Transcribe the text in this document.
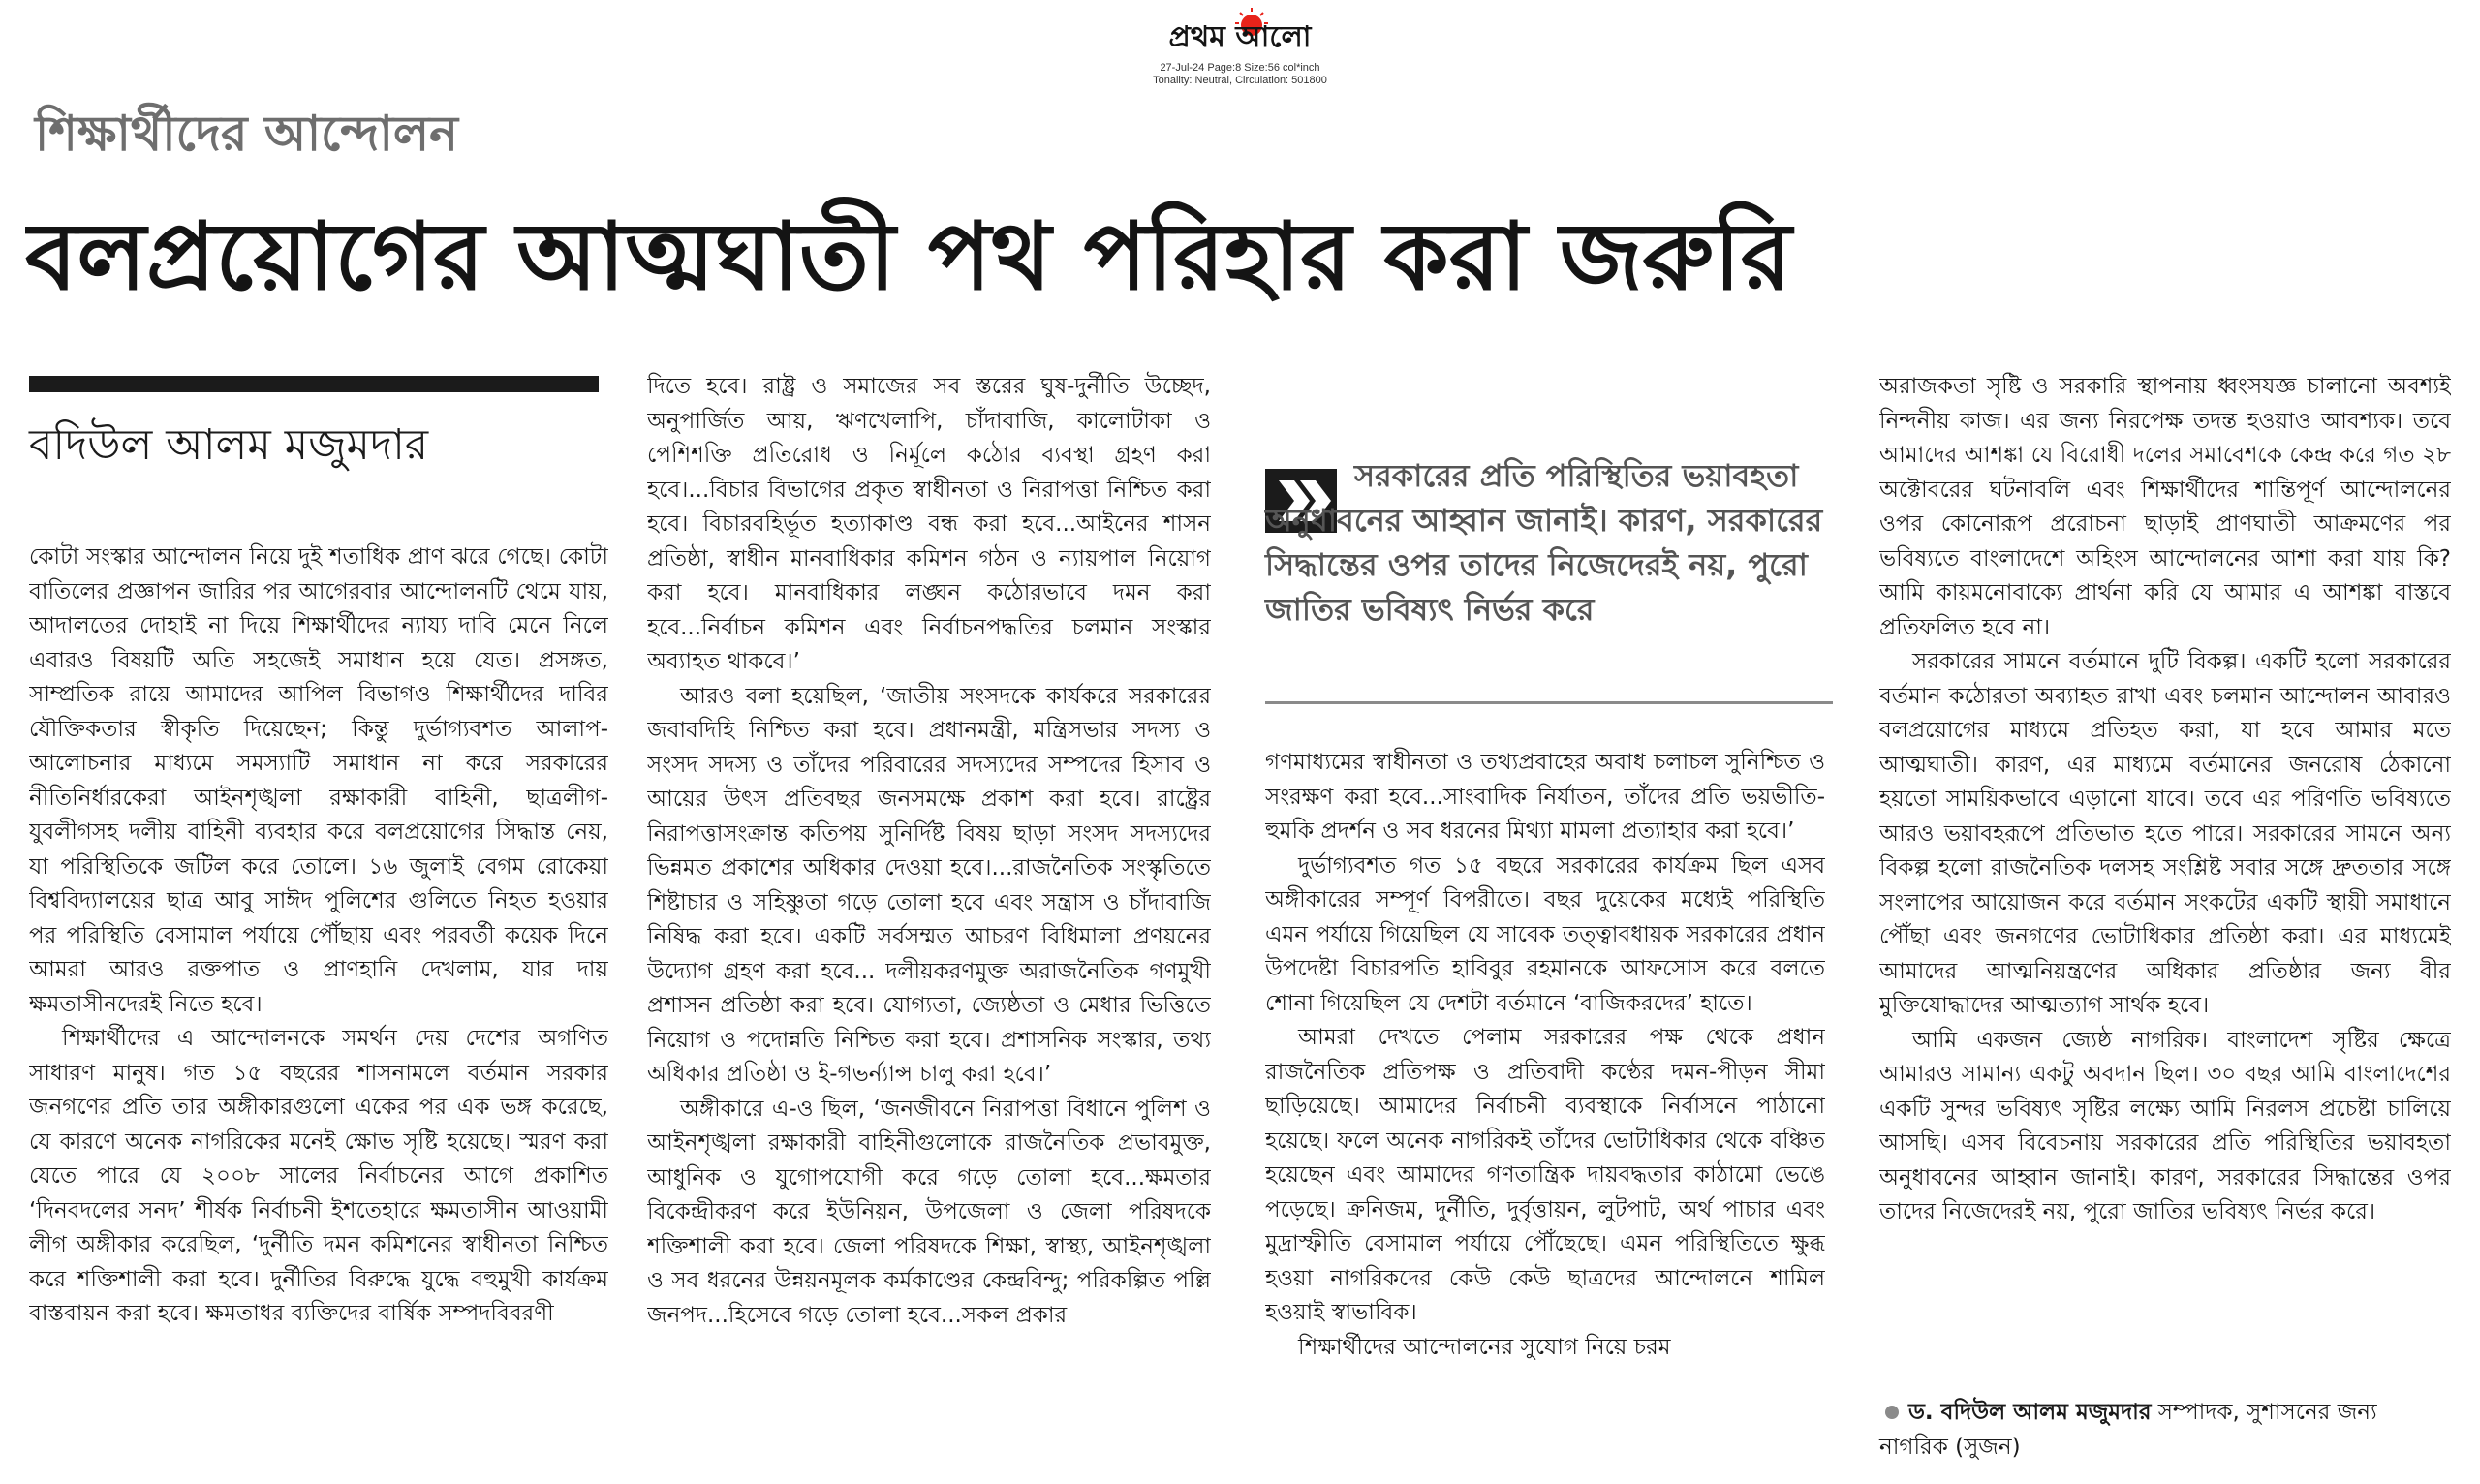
প্রথম আলো
27-Jul-24 Page:8 Size:56 col*inch
Tonality: Neutral, Circulation: 501800
শিক্ষার্থীদের আন্দোলন
বলপ্রয়োগের আত্মঘাতী পথ পরিহার করা জরুরি
বদিউল আলম মজুমদার

কোটা সংস্কার আন্দোলন নিয়ে দুই শতাধিক প্রাণ ঝরে গেছে। কোটা বাতিলের প্রজ্ঞাপন জারির পর আগেরবার আন্দোলনটি থেমে যায়, আদালতের দোহাই না দিয়ে শিক্ষার্থীদের ন্যায্য দাবি মেনে নিলে এবারও বিষয়টি অতি সহজেই সমাধান হয়ে যেত। প্রসঙ্গত, সাম্প্রতিক রায়ে আমাদের আপিল বিভাগও শিক্ষার্থীদের দাবির যৌক্তিকতার স্বীকৃতি দিয়েছেন; কিন্তু দুর্ভাগ্যবশত আলাপ-আলোচনার মাধ্যমে সমস্যাটি সমাধান না করে সরকারের নীতিনির্ধারকেরা আইনশৃঙ্খলা রক্ষাকারী বাহিনী, ছাত্রলীগ-যুবলীগসহ দলীয় বাহিনী ব্যবহার করে বলপ্রয়োগের সিদ্ধান্ত নেয়, যা পরিস্থিতিকে জটিল করে তোলে। ১৬ জুলাই বেগম রোকেয়া বিশ্ববিদ্যালয়ের ছাত্র আবু সাঈদ পুলিশের গুলিতে নিহত হওয়ার পর পরিস্থিতি বেসামাল পর্যায়ে পৌঁছায় এবং পরবর্তী কয়েক দিনে আমরা আরও রক্তপাত ও প্রাণহানি দেখলাম, যার দায় ক্ষমতাসীনদেরই নিতে হবে।

শিক্ষার্থীদের এ আন্দোলনকে সমর্থন দেয় দেশের অগণিত সাধারণ মানুষ। গত ১৫ বছরের শাসনামলে বর্তমান সরকার জনগণের প্রতি তার অঙ্গীকারগুলো একের পর এক ভঙ্গ করেছে, যে কারণে অনেক নাগরিকের মনেই ক্ষোভ সৃষ্টি হয়েছে। স্মরণ করা যেতে পারে যে ২০০৮ সালের নির্বাচনের আগে প্রকাশিত ‘দিনবদলের সনদ’ শীর্ষক নির্বাচনী ইশতেহারে ক্ষমতাসীন আওয়ামী লীগ অঙ্গীকার করেছিল, ‘দুর্নীতি দমন কমিশনের স্বাধীনতা নিশ্চিত করে শক্তিশালী করা হবে। দুর্নীতির বিরুদ্ধে যুদ্ধে বহুমুখী কার্যক্রম বাস্তবায়ন করা হবে। ক্ষমতাধর ব্যক্তিদের বার্ষিক সম্পদবিবরণী

দিতে হবে। রাষ্ট্র ও সমাজের সব স্তরের ঘুষ-দুর্নীতি উচ্ছেদ, অনুপার্জিত আয়, ঋণখেলাপি, চাঁদাবাজি, কালোটাকা ও পেশিশক্তি প্রতিরোধ ও নির্মূলে কঠোর ব্যবস্থা গ্রহণ করা হবে।...বিচার বিভাগের প্রকৃত স্বাধীনতা ও নিরাপত্তা নিশ্চিত করা হবে। বিচারবহির্ভূত হত্যাকাণ্ড বন্ধ করা হবে...আইনের শাসন প্রতিষ্ঠা, স্বাধীন মানবাধিকার কমিশন গঠন ও ন্যায়পাল নিয়োগ করা হবে। মানবাধিকার লঙ্ঘন কঠোরভাবে দমন করা হবে...নির্বাচন কমিশন এবং নির্বাচনপদ্ধতির চলমান সংস্কার অব্যাহত থাকবে।’

আরও বলা হয়েছিল, ‘জাতীয় সংসদকে কার্যকরে সরকারের জবাবদিহি নিশ্চিত করা হবে। প্রধানমন্ত্রী, মন্ত্রিসভার সদস্য ও সংসদ সদস্য ও তাঁদের পরিবারের সদস্যদের সম্পদের হিসাব ও আয়ের উৎস প্রতিবছর জনসমক্ষে প্রকাশ করা হবে। রাষ্ট্রের নিরাপত্তাসংক্রান্ত কতিপয় সুনির্দিষ্ট বিষয় ছাড়া সংসদ সদস্যদের ভিন্নমত প্রকাশের অধিকার দেওয়া হবে।...রাজনৈতিক সংস্কৃতিতে শিষ্টাচার ও সহিষ্ণুতা গড়ে তোলা হবে এবং সন্ত্রাস ও চাঁদাবাজি নিষিদ্ধ করা হবে। একটি সর্বসম্মত আচরণ বিধিমালা প্রণয়নের উদ্যোগ গ্রহণ করা হবে... দলীয়করণমুক্ত অরাজনৈতিক গণমুখী প্রশাসন প্রতিষ্ঠা করা হবে। যোগ্যতা, জ্যেষ্ঠতা ও মেধার ভিত্তিতে নিয়োগ ও পদোন্নতি নিশ্চিত করা হবে। প্রশাসনিক সংস্কার, তথ্য অধিকার প্রতিষ্ঠা ও ই-গভর্ন্যান্স চালু করা হবে।’

অঙ্গীকারে এ-ও ছিল, ‘জনজীবনে নিরাপত্তা বিধানে পুলিশ ও আইনশৃঙ্খলা রক্ষাকারী বাহিনীগুলোকে রাজনৈতিক প্রভাবমুক্ত, আধুনিক ও যুগোপযোগী করে গড়ে তোলা হবে...ক্ষমতার বিকেন্দ্রীকরণ করে ইউনিয়ন, উপজেলা ও জেলা পরিষদকে শক্তিশালী করা হবে। জেলা পরিষদকে শিক্ষা, স্বাস্থ্য, আইনশৃঙ্খলা ও সব ধরনের উন্নয়নমূলক কর্মকাণ্ডের কেন্দ্রবিন্দু; পরিকল্পিত পল্লি জনপদ...হিসেবে গড়ে তোলা হবে...সকল প্রকার

সরকারের প্রতি পরিস্থিতির ভয়াবহতা অনুধাবনের আহ্বান জানাই। কারণ, সরকারের সিদ্ধান্তের ওপর তাদের নিজেদেরই নয়, পুরো জাতির ভবিষ্যৎ নির্ভর করে

গণমাধ্যমের স্বাধীনতা ও তথ্যপ্রবাহের অবাধ চলাচল সুনিশ্চিত ও সংরক্ষণ করা হবে...সাংবাদিক নির্যাতন, তাঁদের প্রতি ভয়ভীতি-হুমকি প্রদর্শন ও সব ধরনের মিথ্যা মামলা প্রত্যাহার করা হবে।’

দুর্ভাগ্যবশত গত ১৫ বছরে সরকারের কার্যক্রম ছিল এসব অঙ্গীকারের সম্পূর্ণ বিপরীতে। বছর দুয়েকের মধ্যেই পরিস্থিতি এমন পর্যায়ে গিয়েছিল যে সাবেক তত্ত্বাবধায়ক সরকারের প্রধান উপদেষ্টা বিচারপতি হাবিবুর রহমানকে আফসোস করে বলতে শোনা গিয়েছিল যে দেশটা বর্তমানে ‘বাজিকরদের’ হাতে।

আমরা দেখতে পেলাম সরকারের পক্ষ থেকে প্রধান রাজনৈতিক প্রতিপক্ষ ও প্রতিবাদী কণ্ঠের দমন-পীড়ন সীমা ছাড়িয়েছে। আমাদের নির্বাচনী ব্যবস্থাকে নির্বাসনে পাঠানো হয়েছে। ফলে অনেক নাগরিকই তাঁদের ভোটাধিকার থেকে বঞ্চিত হয়েছেন এবং আমাদের গণতান্ত্রিক দায়বদ্ধতার কাঠামো ভেঙে পড়েছে। ক্রনিজম, দুর্নীতি, দুর্বৃত্তায়ন, লুটপাট, অর্থ পাচার এবং মুদ্রাস্ফীতি বেসামাল পর্যায়ে পৌঁছেছে। এমন পরিস্থিতিতে ক্ষুব্ধ হওয়া নাগরিকদের কেউ কেউ ছাত্রদের আন্দোলনে শামিল হওয়াই স্বাভাবিক।

শিক্ষার্থীদের আন্দোলনের সুযোগ নিয়ে চরম

অরাজকতা সৃষ্টি ও সরকারি স্থাপনায় ধ্বংসযজ্ঞ চালানো অবশ্যই নিন্দনীয় কাজ। এর জন্য নিরপেক্ষ তদন্ত হওয়াও আবশ্যক। তবে আমাদের আশঙ্কা যে বিরোধী দলের সমাবেশকে কেন্দ্র করে গত ২৮ অক্টোবরের ঘটনাবলি এবং শিক্ষার্থীদের শান্তিপূর্ণ আন্দোলনের ওপর কোনোরূপ প্ররোচনা ছাড়াই প্রাণঘাতী আক্রমণের পর ভবিষ্যতে বাংলাদেশে অহিংস আন্দোলনের আশা করা যায় কি? আমি কায়মনোবাক্যে প্রার্থনা করি যে আমার এ আশঙ্কা বাস্তবে প্রতিফলিত হবে না।

সরকারের সামনে বর্তমানে দুটি বিকল্প। একটি হলো সরকারের বর্তমান কঠোরতা অব্যাহত রাখা এবং চলমান আন্দোলন আবারও বলপ্রয়োগের মাধ্যমে প্রতিহত করা, যা হবে আমার মতে আত্মঘাতী। কারণ, এর মাধ্যমে বর্তমানের জনরোষ ঠেকানো হয়তো সাময়িকভাবে এড়ানো যাবে। তবে এর পরিণতি ভবিষ্যতে আরও ভয়াবহরূপে প্রতিভাত হতে পারে। সরকারের সামনে অন্য বিকল্প হলো রাজনৈতিক দলসহ সংশ্লিষ্ট সবার সঙ্গে দ্রুততার সঙ্গে সংলাপের আয়োজন করে বর্তমান সংকটের একটি স্থায়ী সমাধানে পৌঁছা এবং জনগণের ভোটাধিকার প্রতিষ্ঠা করা। এর মাধ্যমেই আমাদের আত্মনিয়ন্ত্রণের অধিকার প্রতিষ্ঠার জন্য বীর মুক্তিযোদ্ধাদের আত্মত্যাগ সার্থক হবে।

আমি একজন জ্যেষ্ঠ নাগরিক। বাংলাদেশ সৃষ্টির ক্ষেত্রে আমারও সামান্য একটু অবদান ছিল। ৩০ বছর আমি বাংলাদেশের একটি সুন্দর ভবিষ্যৎ সৃষ্টির লক্ষ্যে আমি নিরলস প্রচেষ্টা চালিয়ে আসছি। এসব বিবেচনায় সরকারের প্রতি পরিস্থিতির ভয়াবহতা অনুধাবনের আহ্বান জানাই। কারণ, সরকারের সিদ্ধান্তের ওপর তাদের নিজেদেরই নয়, পুরো জাতির ভবিষ্যৎ নির্ভর করে।

ড. বদিউল আলম মজুমদার সম্পাদক, সুশাসনের জন্য নাগরিক (সুজন)
